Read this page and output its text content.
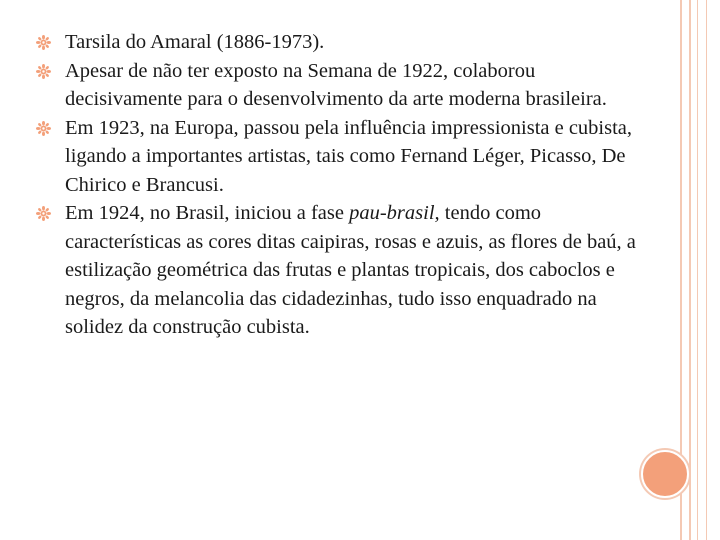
Tarsila do Amaral (1886-1973).
Apesar de não ter exposto na Semana de 1922, colaborou decisivamente para o desenvolvimento da arte moderna brasileira.
Em 1923, na Europa, passou pela influência impressionista e cubista, ligando a importantes artistas, tais como Fernand Léger, Picasso, De Chirico e Brancusi.
Em 1924, no Brasil, iniciou a fase pau-brasil, tendo como características as cores ditas caipiras, rosas e azuis, as flores de baú, a estilização geométrica das frutas e plantas tropicais, dos caboclos e negros, da melancolia das cidadezinhas, tudo isso enquadrado na solidez da construção cubista.
